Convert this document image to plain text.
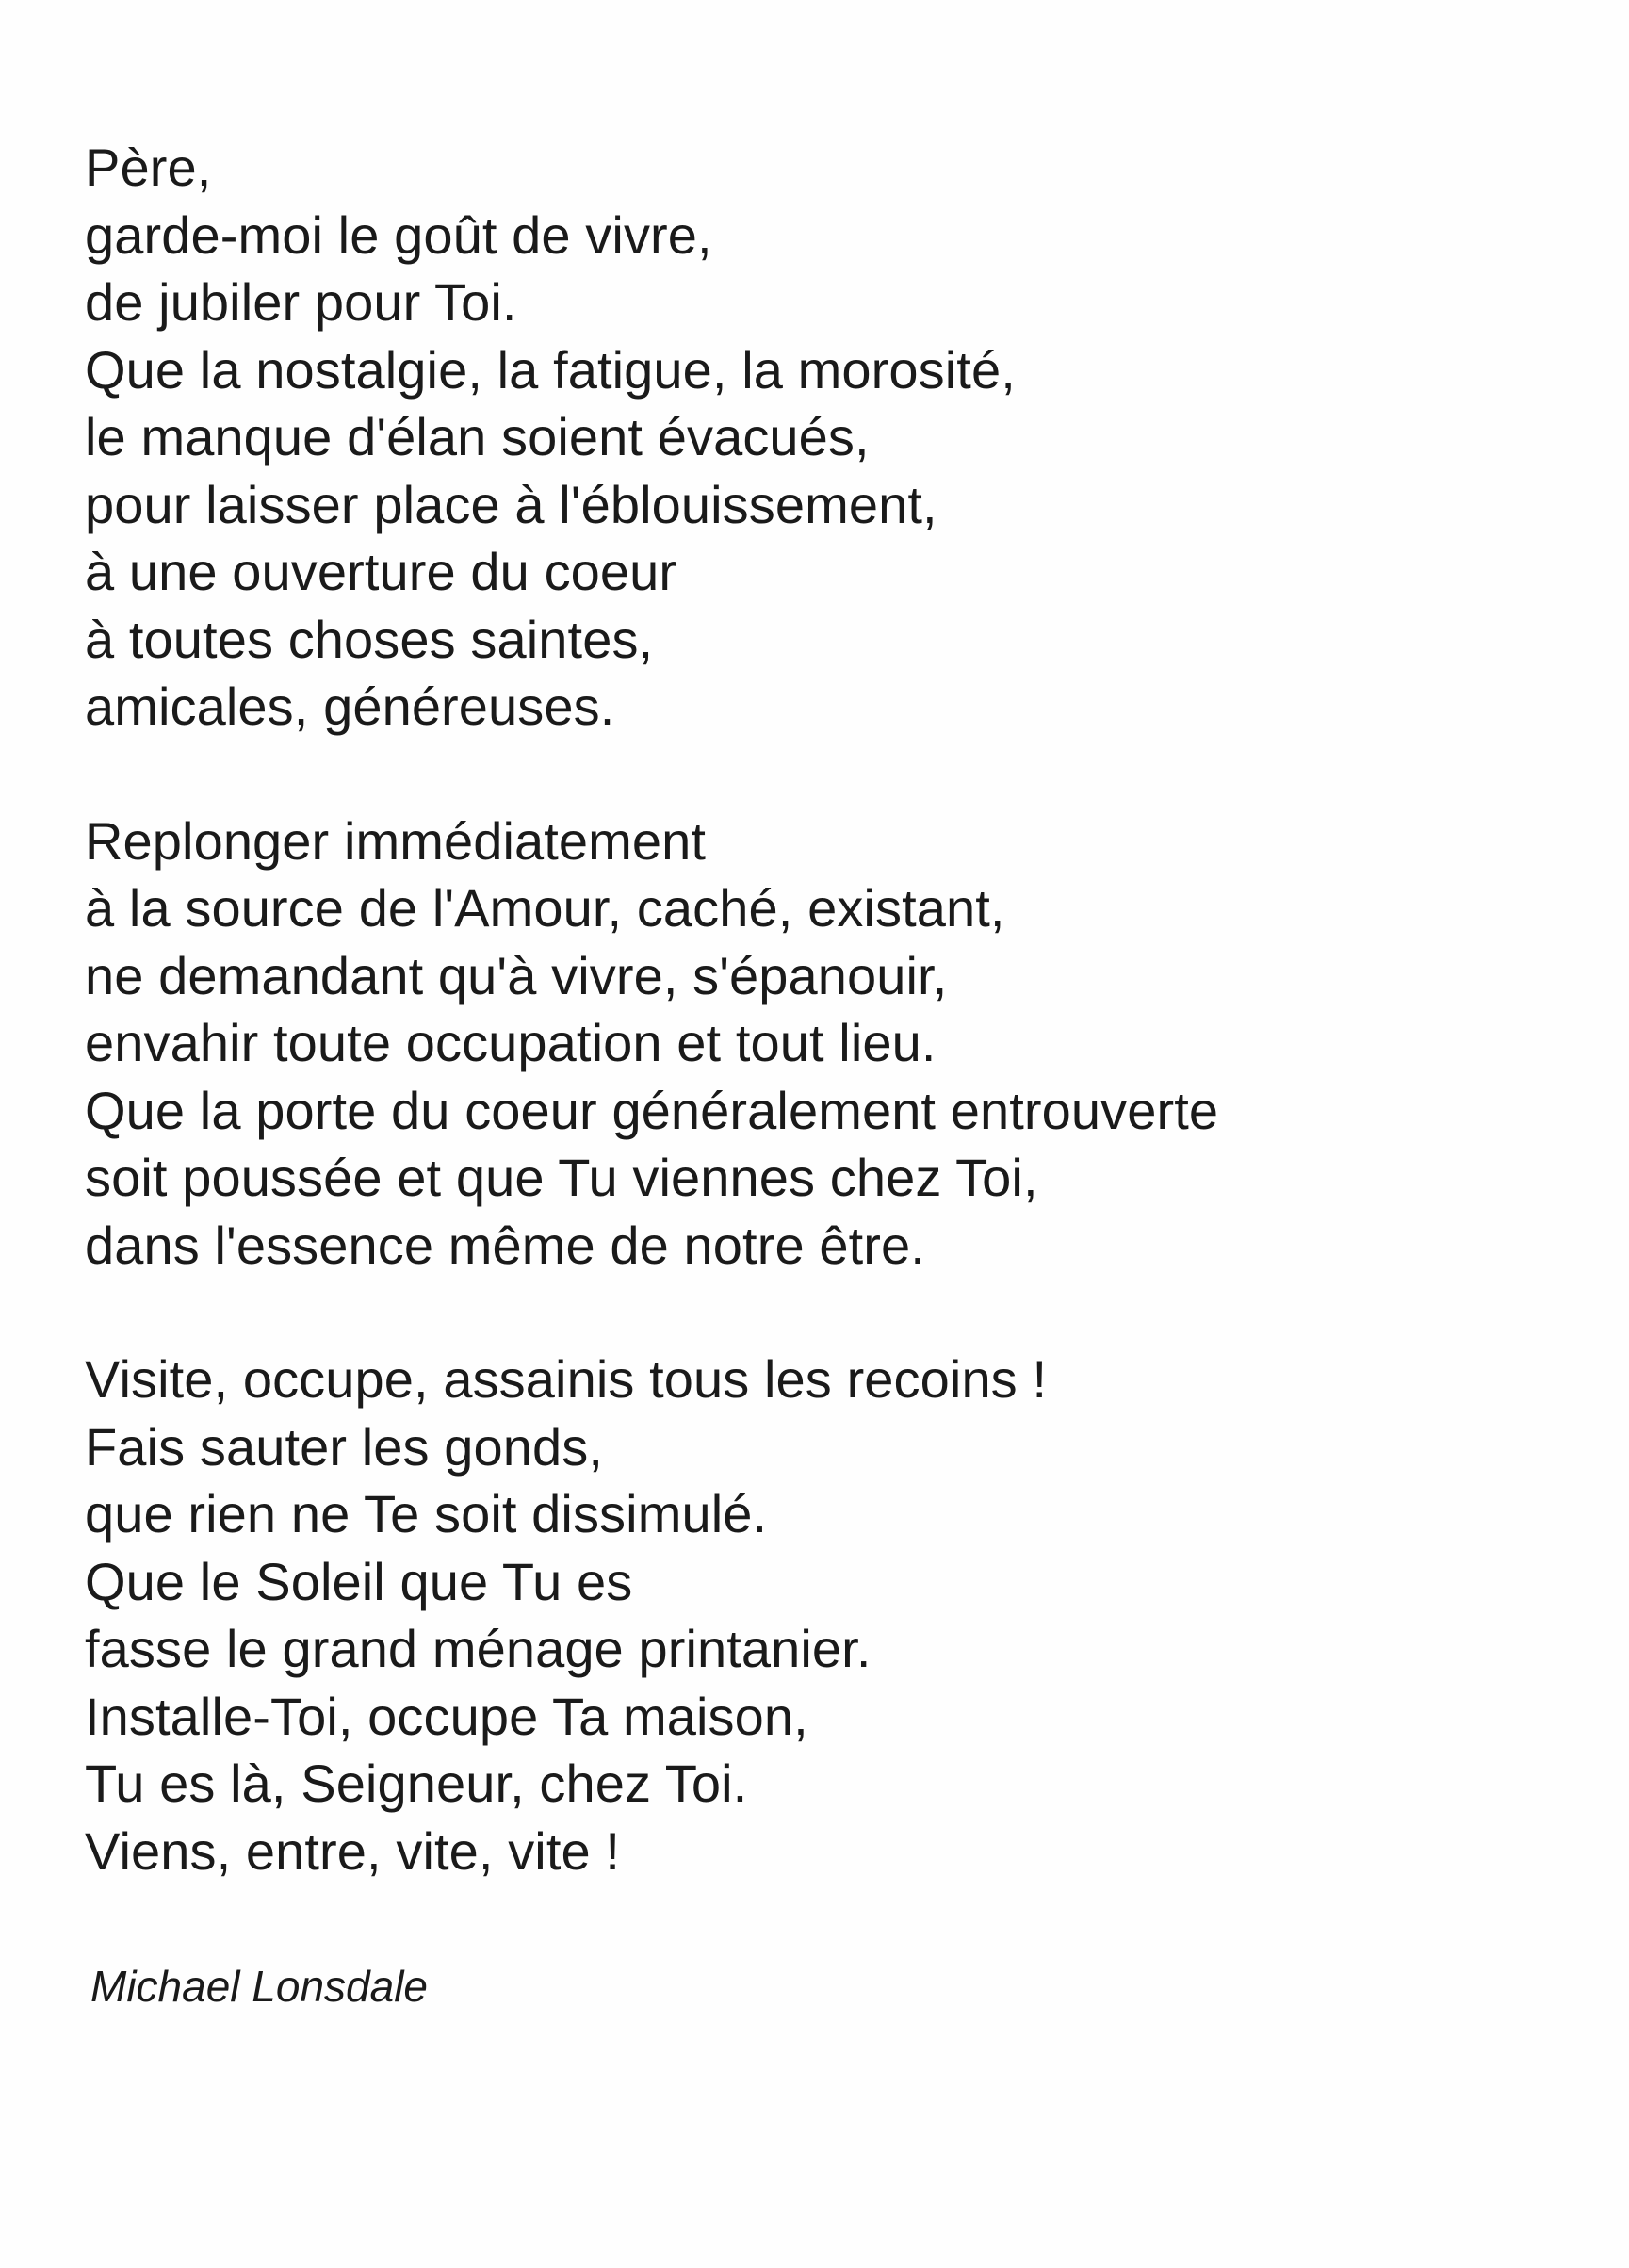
Père,
garde-moi le goût de vivre,
de jubiler pour Toi.
Que la nostalgie, la fatigue, la morosité,
le manque d'élan soient évacués,
pour laisser place à l'éblouissement,
à une ouverture du coeur
à toutes choses saintes,
amicales, généreuses.
Replonger immédiatement
à la source de l'Amour, caché, existant,
ne demandant qu'à vivre, s'épanouir,
envahir toute occupation et tout lieu.
Que la porte du coeur généralement entrouverte
soit poussée et que Tu viennes chez Toi,
dans l'essence même de notre être.
Visite, occupe, assainis tous les recoins !
Fais sauter les gonds,
que rien ne Te soit dissimulé.
Que le Soleil que Tu es
fasse le grand ménage printanier.
Installe-Toi, occupe Ta maison,
Tu es là, Seigneur, chez Toi.
Viens, entre, vite, vite !
Michael Lonsdale
